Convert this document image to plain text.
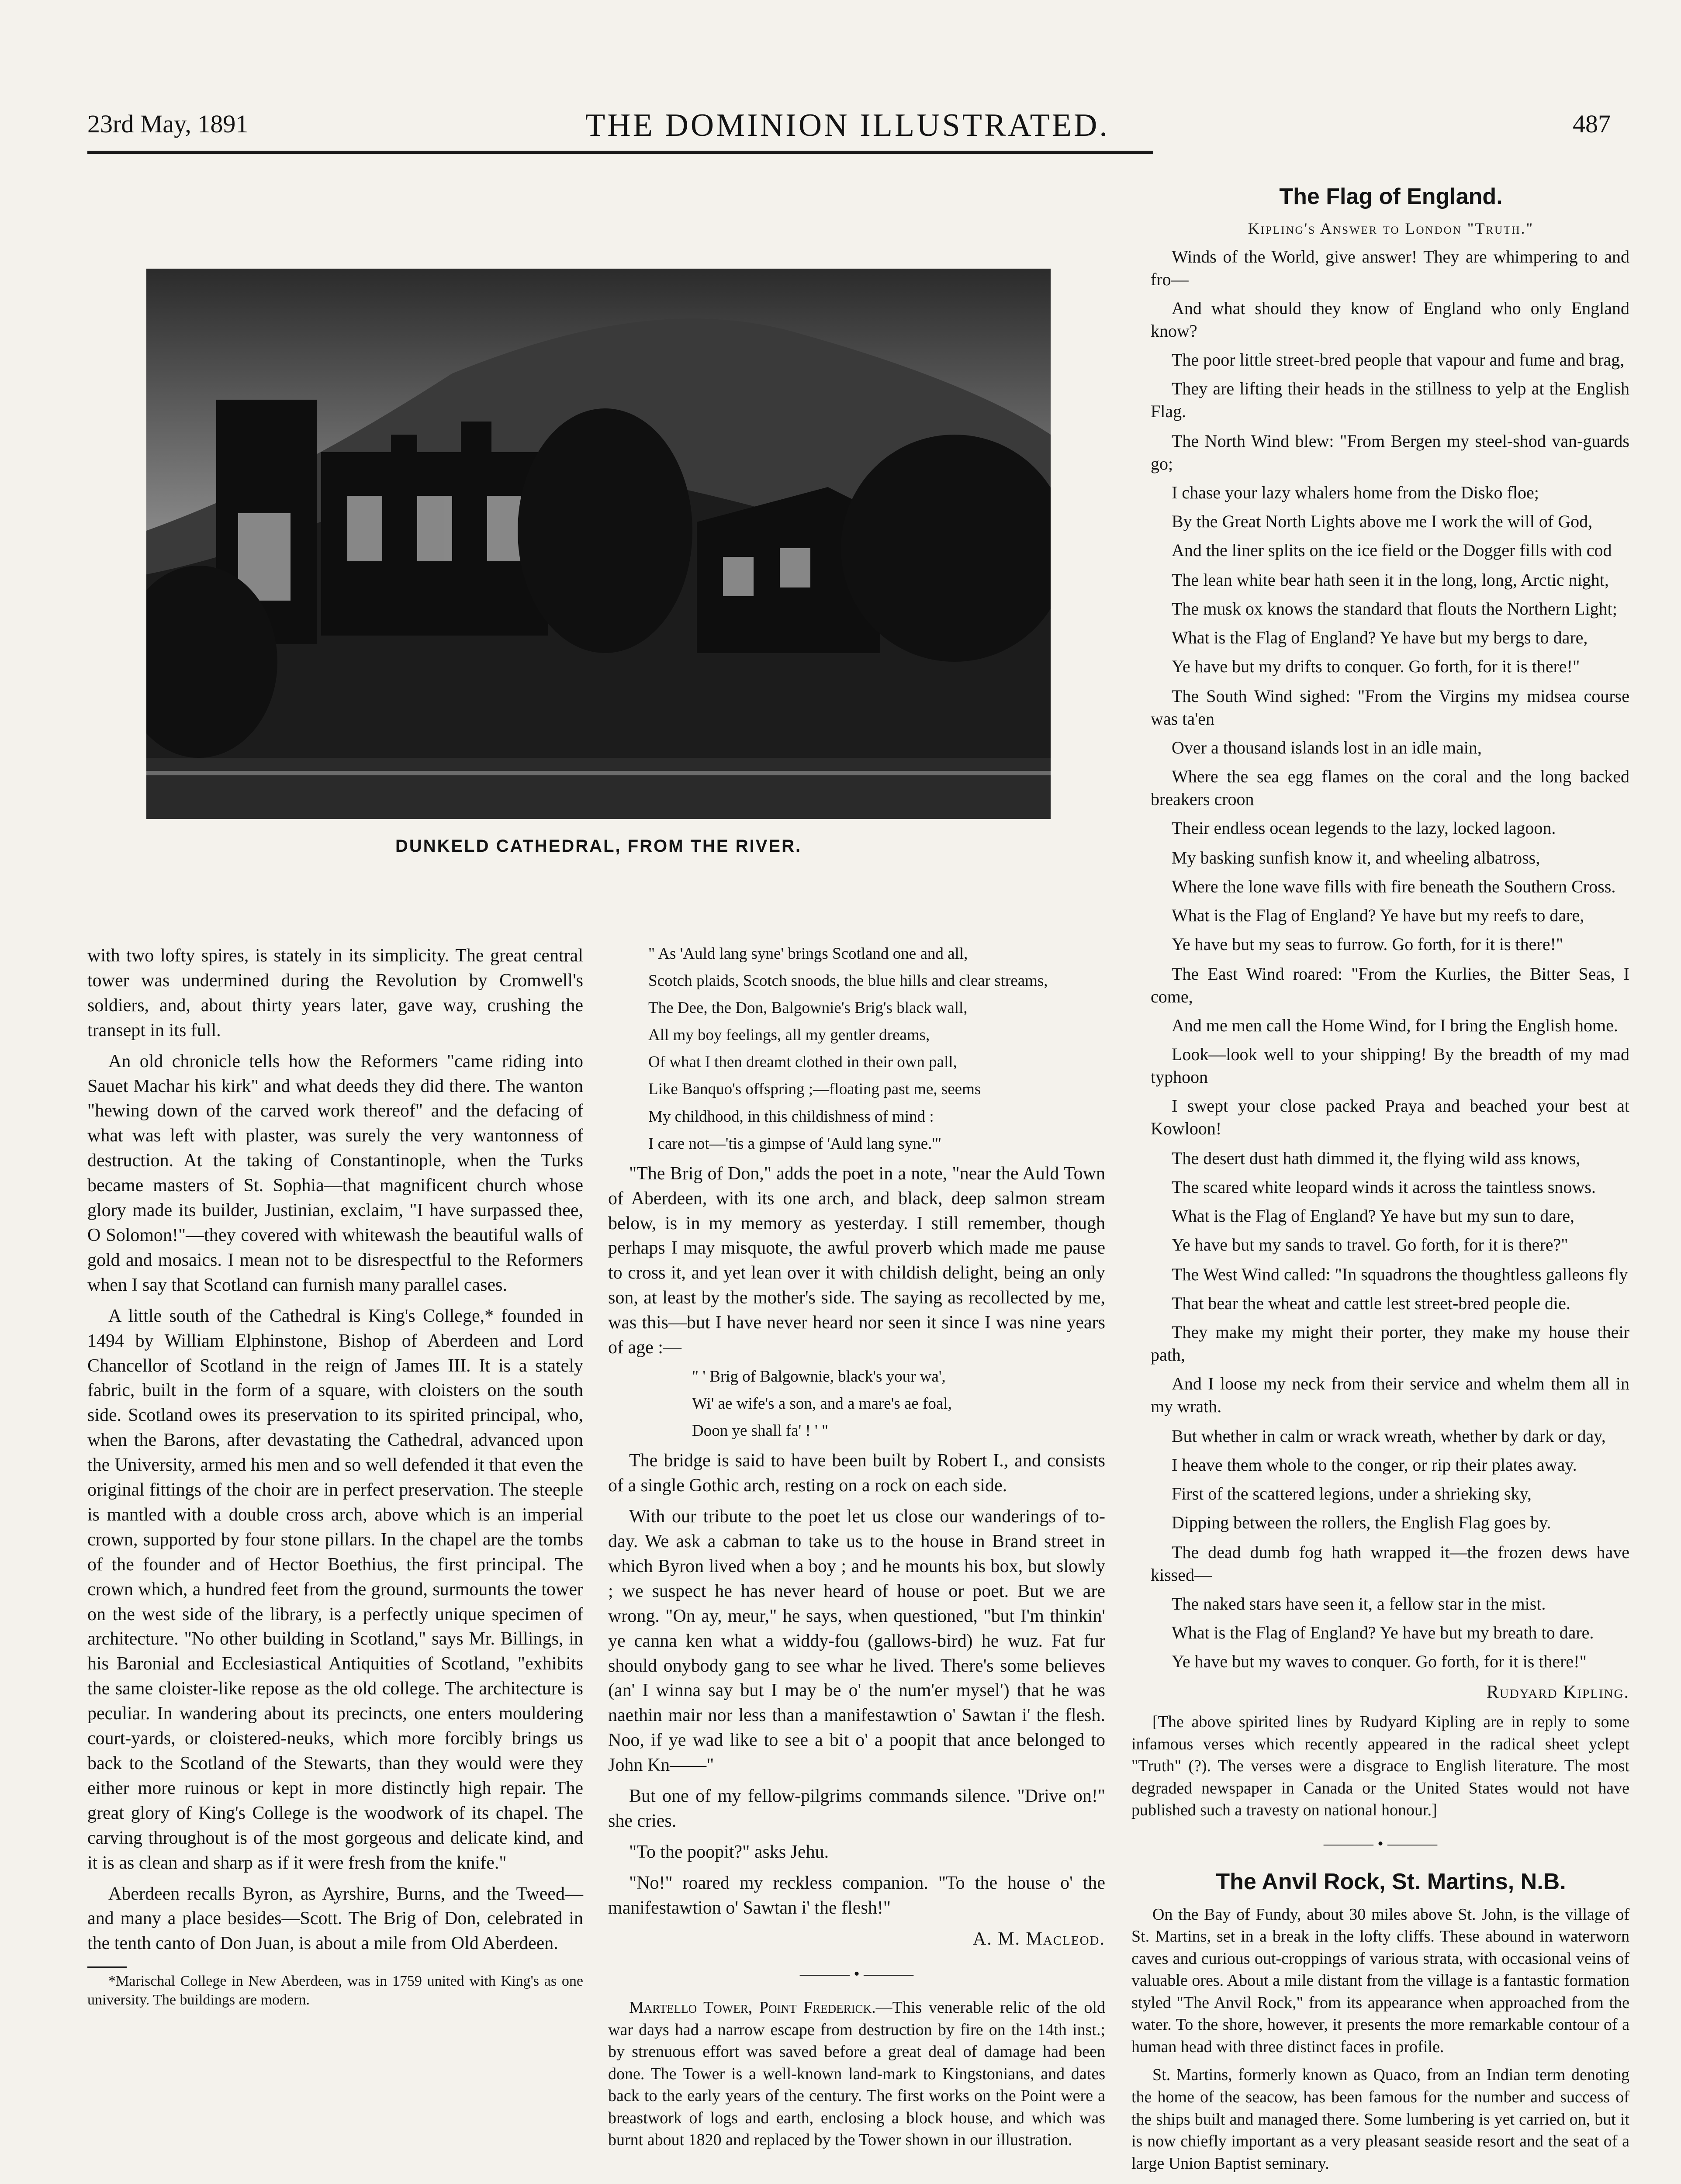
23rd May, 1891	THE DOMINION ILLUSTRATED.	487
DUNKELD CATHEDRAL, FROM THE RIVER.

with two lofty spires, is stately in its simplicity. The great central tower was undermined during the Revolution by Cromwell's soldiers, and, about thirty years later, gave way, crushing the transept in its full.

An old chronicle tells how the Reformers "came riding into Sauet Machar his kirk" and what deeds they did there. The wanton "hewing down of the carved work thereof" and the defacing of what was left with plaster, was surely the very wantonness of destruction. At the taking of Constantinople, when the Turks became masters of St. Sophia—that magnificent church whose glory made its builder, Justinian, exclaim, "I have surpassed thee, O Solomon!"—they covered with whitewash the beautiful walls of gold and mosaics. I mean not to be disrespectful to the Reformers when I say that Scotland can furnish many parallel cases.

A little south of the Cathedral is King's College,* founded in 1494 by William Elphinstone, Bishop of Aberdeen and Lord Chancellor of Scotland in the reign of James III. It is a stately fabric, built in the form of a square, with cloisters on the south side. Scotland owes its preservation to its spirited principal, who, when the Barons, after devastating the Cathedral, advanced upon the University, armed his men and so well defended it that even the original fittings of the choir are in perfect preservation. The steeple is mantled with a double cross arch, above which is an imperial crown, supported by four stone pillars. In the chapel are the tombs of the founder and of Hector Boethius, the first principal. The crown which, a hundred feet from the ground, surmounts the tower on the west side of the library, is a perfectly unique specimen of architecture. "No other building in Scotland," says Mr. Billings, in his Baronial and Ecclesiastical Antiquities of Scotland, "exhibits the same cloister-like repose as the old college. The architecture is peculiar. In wandering about its precincts, one enters mouldering court-yards, or cloistered-neuks, which more forcibly brings us back to the Scotland of the Stewarts, than they would were they either more ruinous or kept in more distinctly high repair. The great glory of King's College is the woodwork of its chapel. The carving throughout is of the most gorgeous and delicate kind, and it is as clean and sharp as if it were fresh from the knife."

Aberdeen recalls Byron, as Ayrshire, Burns, and the Tweed—and many a place besides—Scott. The Brig of Don, celebrated in the tenth canto of Don Juan, is about a mile from Old Aberdeen.

*Marischal College in New Aberdeen, was in 1759 united with King's as one university. The buildings are modern.

" As 'Auld lang syne' brings Scotland one and all,

Scotch plaids, Scotch snoods, the blue hills and clear streams,

The Dee, the Don, Balgownie's Brig's black wall,

All my boy feelings, all my gentler dreams,

Of what I then dreamt clothed in their own pall,

Like Banquo's offspring ;—floating past me, seems

My childhood, in this childishness of mind :

I care not—'tis a gimpse of 'Auld lang syne.'"

"The Brig of Don," adds the poet in a note, "near the Auld Town of Aberdeen, with its one arch, and black, deep salmon stream below, is in my memory as yesterday. I still remember, though perhaps I may misquote, the awful proverb which made me pause to cross it, and yet lean over it with childish delight, being an only son, at least by the mother's side. The saying as recollected by me, was this—but I have never heard nor seen it since I was nine years of age :—

" ' Brig of Balgownie, black's your wa',

Wi' ae wife's a son, and a mare's ae foal,

Doon ye shall fa' ! ' "

The bridge is said to have been built by Robert I., and consists of a single Gothic arch, resting on a rock on each side.

With our tribute to the poet let us close our wanderings of to-day. We ask a cabman to take us to the house in Brand street in which Byron lived when a boy ; and he mounts his box, but slowly ; we suspect he has never heard of house or poet. But we are wrong. "On ay, meur," he says, when questioned, "but I'm thinkin' ye canna ken what a widdy-fou (gallows-bird) he wuz. Fat fur should onybody gang to see whar he lived. There's some believes (an' I winna say but I may be o' the num'er mysel') that he was naethin mair nor less than a manifestawtion o' Sawtan i' the flesh. Noo, if ye wad like to see a bit o' a poopit that ance belonged to John Kn——"

But one of my fellow-pilgrims commands silence. "Drive on!" she cries.

"To the poopit?" asks Jehu.

"No!" roared my reckless companion. "To the house o' the manifestawtion o' Sawtan i' the flesh!"

A. M. Macleod.

——— • ———

Martello Tower, Point Frederick.—This venerable relic of the old war days had a narrow escape from destruction by fire on the 14th inst.; by strenuous effort was saved before a great deal of damage had been done. The Tower is a well-known land-mark to Kingstonians, and dates back to the early years of the century. The first works on the Point were a breastwork of logs and earth, enclosing a block house, and which was burnt about 1820 and replaced by the Tower shown in our illustration.

The Flag of England.

Kipling's Answer to London "Truth."

Winds of the World, give answer! They are whimpering to and fro—

And what should they know of England who only England know?

The poor little street-bred people that vapour and fume and brag,

They are lifting their heads in the stillness to yelp at the English Flag.

The North Wind blew: "From Bergen my steel-shod van-guards go;

I chase your lazy whalers home from the Disko floe;

By the Great North Lights above me I work the will of God,

And the liner splits on the ice field or the Dogger fills with cod

The lean white bear hath seen it in the long, long, Arctic night,

The musk ox knows the standard that flouts the Northern Light;

What is the Flag of England? Ye have but my bergs to dare,

Ye have but my drifts to conquer. Go forth, for it is there!"

The South Wind sighed: "From the Virgins my midsea course was ta'en

Over a thousand islands lost in an idle main,

Where the sea egg flames on the coral and the long backed breakers croon

Their endless ocean legends to the lazy, locked lagoon.

My basking sunfish know it, and wheeling albatross,

Where the lone wave fills with fire beneath the Southern Cross.

What is the Flag of England? Ye have but my reefs to dare,

Ye have but my seas to furrow. Go forth, for it is there!"

The East Wind roared: "From the Kurlies, the Bitter Seas, I come,

And me men call the Home Wind, for I bring the English home.

Look—look well to your shipping! By the breadth of my mad typhoon

I swept your close packed Praya and beached your best at Kowloon!

The desert dust hath dimmed it, the flying wild ass knows,

The scared white leopard winds it across the taintless snows.

What is the Flag of England? Ye have but my sun to dare,

Ye have but my sands to travel. Go forth, for it is there?"

The West Wind called: "In squadrons the thoughtless galleons fly

That bear the wheat and cattle lest street-bred people die.

They make my might their porter, they make my house their path,

And I loose my neck from their service and whelm them all in my wrath.

But whether in calm or wrack wreath, whether by dark or day,

I heave them whole to the conger, or rip their plates away.

First of the scattered legions, under a shrieking sky,

Dipping between the rollers, the English Flag goes by.

The dead dumb fog hath wrapped it—the frozen dews have kissed—

The naked stars have seen it, a fellow star in the mist.

What is the Flag of England? Ye have but my breath to dare.

Ye have but my waves to conquer. Go forth, for it is there!"

Rudyard Kipling.

[The above spirited lines by Rudyard Kipling are in reply to some infamous verses which recently appeared in the radical sheet yclept "Truth" (?). The verses were a disgrace to English literature. The most degraded newspaper in Canada or the United States would not have published such a travesty on national honour.]

——— • ———

The Anvil Rock, St. Martins, N.B.

On the Bay of Fundy, about 30 miles above St. John, is the village of St. Martins, set in a break in the lofty cliffs. These abound in waterworn caves and curious out-croppings of various strata, with occasional veins of valuable ores. About a mile distant from the village is a fantastic formation styled "The Anvil Rock," from its appearance when approached from the water. To the shore, however, it presents the more remarkable contour of a human head with three distinct faces in profile.

St. Martins, formerly known as Quaco, from an Indian term denoting the home of the seacow, has been famous for the number and success of the ships built and managed there. Some lumbering is yet carried on, but it is now chiefly important as a very pleasant seaside resort and the seat of a large Union Baptist seminary.
